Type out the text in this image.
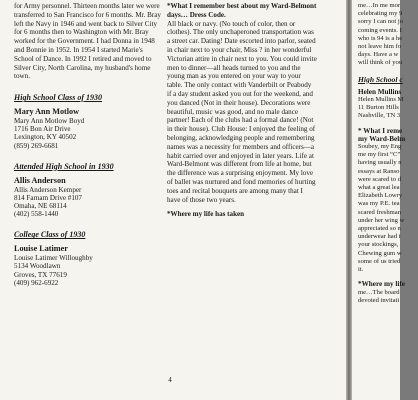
for Army personnel. Thirteen months later we were transferred to San Francisco for 6 months. Mr. Bray left the Navy in 1946 and went back to Silver City for 6 months then to Washington with Mr. Bray worked for the Government. I had Donna in 1948 and Bonnie in 1952. In 1954 I started Marie's School of Dance. In 1992 I retired and moved to Silver City, North Carolina, my husband's home town.

High School Class of 1930

Mary Ann Motlow

Mary Ann Motlow Boyd

1716 Bon Air Drive

Lexington, KY 40502

(859) 269-6681

Attended High School in 1930

Allis Anderson

Allis Anderson Kemper

814 Farnam Drive #107

Omaha, NE 68114

(402) 558-1440

College Class of 1930

Louise Latimer

Louise Latimer Willoughby

5134 Woodlawn

Groves, TX 77619

(409) 962-6922

*What I remember best about my Ward-Belmont days… Dress Code.

All black or navy. (No touch of color, then or clothes). The only unchaperoned transportation was a street car. Dating! Date escorted into parlor, seated in chair next to your chair, Miss ? in her wonderful Victorian attire in chair next to you. You could invite men to dinner—all heads turned to you and the young man as you entered on your way to your table. The only contact with Vanderbilt or Peabody if a day student asked you out for the weekend, and you danced (Not in their house). Decorations were beautiful, music was good, and no male dance partner! Each of the clubs had a formal dance! (Not in their house). Club House: I enjoyed the feeling of belonging, acknowledging people and remembering names was a necessity for members and officers—a habit carried over and enjoyed in later years. Life at Ward-Belmont was different from life at home, but the difference was a surprising enjoyment. My love of ballet was nurtured and fond memories of hurting toes and recital bouquets are among many that I have of those two years.

*Where my life has taken

4

me…In me mor

celebrating my 9

sorry I can not jo

coming events. I

who is 94 is a he

not leave him fo

days. Have a w

will think of you

High School c

Helen Mullins

Helen Mullins M

11 Burton Hills

Nashville, TN 3

* What I reme

my Ward-Belm

Soubey, my Eng

me my first “C”

having usually n

essays at Ranso

were scared to d

what a great lea

Elizabeth Lowry

was my P.E. tea

scared freshman

under her wing w

appreciated so n

underwear had t

your stockings,

Chewing gum w

some of us tried

it.

*Where my life

me…The board

devoted invitati
